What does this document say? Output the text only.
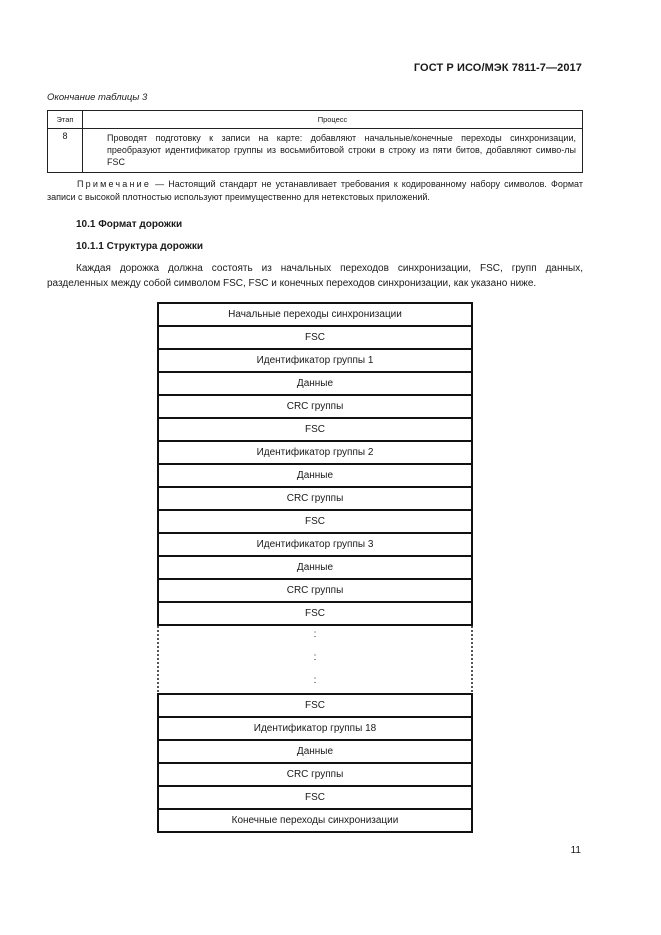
ГОСТ Р ИСО/МЭК 7811-7—2017
Окончание таблицы 3
Этап	Процесс
8	Проводят подготовку к записи на карте: добавляют начальные/конечные переходы синхронизации, преобразуют идентификатор группы из восьмибитовой строки в строку из пяти битов, добавляют симво-лы FSC
Примечание — Настоящий стандарт не устанавливает требования к кодированному набору символов. Формат записи с высокой плотностью используют преимущественно для нетекстовых приложений.
10.1 Формат дорожки
10.1.1 Структура дорожки
Каждая дорожка должна состоять из начальных переходов синхронизации, FSC, групп данных, разделенных между собой символом FSC, FSC и конечных переходов синхронизации, как указано ниже.
Начальные переходы синхронизации
FSC
Идентификатор группы 1
Данные
CRC группы
FSC
Идентификатор группы 2
Данные
CRC группы
FSC
Идентификатор группы 3
Данные
CRC группы
FSC
:
:
:
FSC
Идентификатор группы 18
Данные
CRC группы
FSC
Конечные переходы синхронизации
11
